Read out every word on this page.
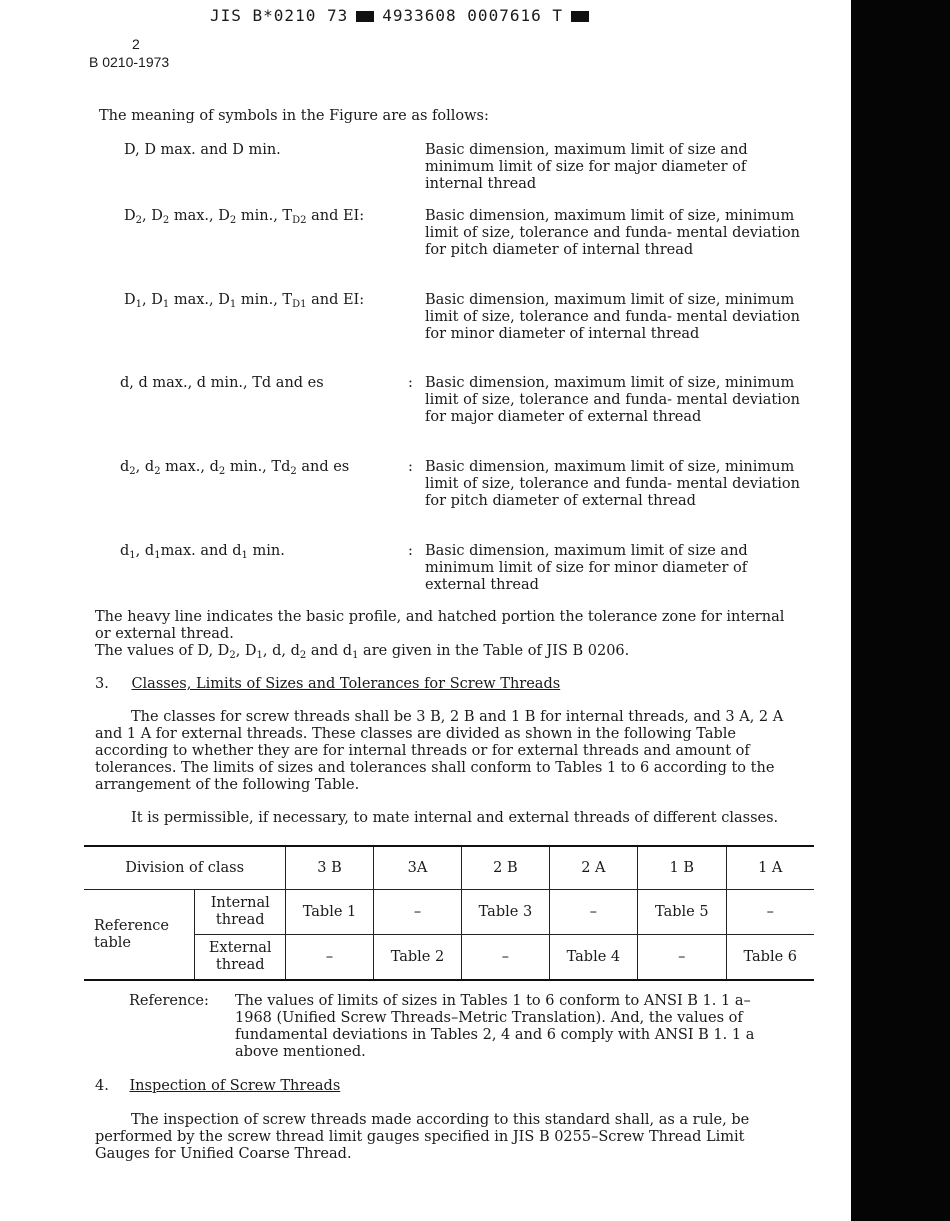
JIS B*0210 73 4933608 0007616 T
2
B 0210-1973
The meaning of symbols in the Figure are as follows:
D, D max. and D min.	Basic dimension, maximum limit of size and minimum limit of size for major diameter of internal thread
$D_2$, $D_2$ max., $D_2$ min., $T_{D2}$ and EI:	Basic dimension, maximum limit of size, minimum limit of size, tolerance and funda- mental deviation for pitch diameter of internal thread
$D_1$, $D_1$ max., $D_1$ min., $T_{D1}$ and EI:	Basic dimension, maximum limit of size, minimum limit of size, tolerance and funda- mental deviation for minor diameter of internal thread
d, d max., d min., Td and es	: Basic dimension, maximum limit of size, minimum limit of size, tolerance and funda- mental deviation for major diameter of external thread
$d_2$, $d_2$ max., $d_2$ min., $Td_2$ and es	: Basic dimension, maximum limit of size, minimum limit of size, tolerance and funda- mental deviation for pitch diameter of external thread
$d_1$, $d_1\max$. and $d_1$ min.	: Basic dimension, maximum limit of size and minimum limit of size for minor diameter of external thread
The heavy line indicates the basic profile, and hatched portion the tolerance zone for internal or external thread.
The values of D, $D_2$, $D_1$, d, $d_2$ and $d_1$ are given in the Table of JIS B 0206.
3. Classes, Limits of Sizes and Tolerances for Screw Threads
The classes for screw threads shall be 3 B, 2 B and 1 B for internal threads, and 3 A, 2 A and 1 A for external threads. These classes are divided as shown in the following Table according to whether they are for internal threads or for external threads and amount of tolerances. The limits of sizes and tolerances shall conform to Tables 1 to 6 according to the arrangement of the following Table.
It is permissible, if necessary, to mate internal and external threads of different classes.
Division of class		3 B	3A	2 B	2 A	1 B	1 A
Reference table	Internal thread	Table 1	–	Table 3	–	Table 5	–
	External thread	–	Table 2	–	Table 4	–	Table 6
Reference: The values of limits of sizes in Tables 1 to 6 conform to ANSI B 1. 1 a–1968 (Unified Screw Threads–Metric Translation). And, the values of fundamental deviations in Tables 2, 4 and 6 comply with ANSI B 1. 1 a above mentioned.
4. Inspection of Screw Threads
The inspection of screw threads made according to this standard shall, as a rule, be performed by the screw thread limit gauges specified in JIS B 0255–Screw Thread Limit Gauges for Unified Coarse Thread.
